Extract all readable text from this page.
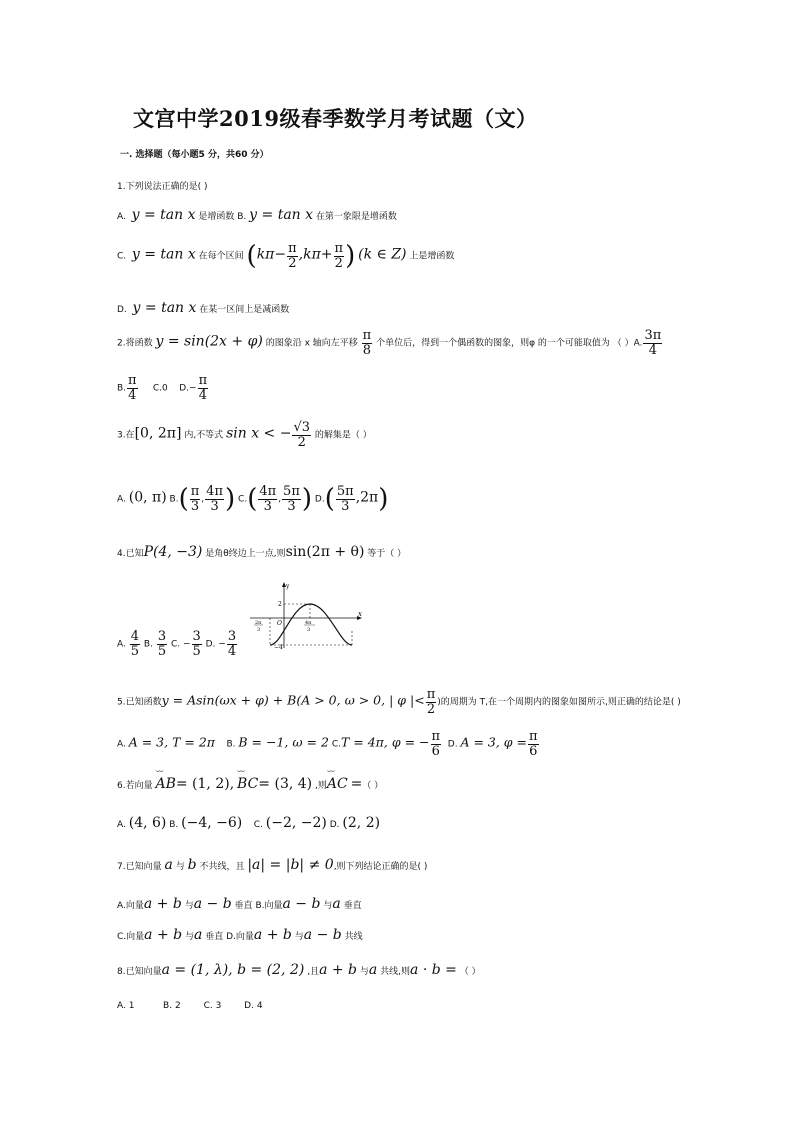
文宫中学2019级春季数学月考试题（文）
一. 选择题（每小题5 分，共60 分）
1.下列说法正确的是( )
A. y = tan x 是增函数 B. y = tan x 在第一象限是增函数
C. y = tan x 在每个区间 ($k\pi- \frac{\pi}{2} ,k\pi+ \frac{\pi}{2}$ ) (k ∈ Z) 上是增函数
D. y = tan x 在某一区间上是减函数
2.将函数 y = sin(2x + φ) 的图象沿 x 轴向左平移 $\frac{\pi}{8}$ 个单位后，得到一个偶函数的图象，则φ 的一个可能取值为 （ ）A. $\frac{3\pi}{4}$
B. $\frac{\pi}{4} C.0$ $D.- \frac{\pi}{4}$
3.在[0, 2π] 内,不等式 sin x < − $\frac{√3}{2}$ 的解集是（ ）
A. (0, π) $B.( \frac{\pi}{3}$ , $\frac{4\pi}{3}$ ) $C.( \frac{4\pi}{3}$ , $\frac{5\pi}{3}$ ) $D.( \frac{5\pi}{3} ,2\pi)$
4.已知P(4, −3) 是角θ终边上一点,则sin(2π + θ) 等于（ ）
A. $\frac{4}{5} B$. $\frac{3}{5} C$. − $\frac{3}{5} D$. − $\frac{3}{4}$
y
x
O
2
−4
2π
3
4π
3
5.已知函数y = Asin(ωx + φ) + B(A > 0, ω > 0, | φ |< $\frac{\pi}{2}$ )的周期为 T,在一个周期内的图象如图所示,则正确的结论是( )
A. A = 3, T = 2π B. B = −1, ω = 2 C.T = 4π, φ = − $\frac{\pi}{6} D$. A = 3, $\varphi = \frac{\pi}{6}$
6.若向量 ⌣⌣ AB= (1, 2), ⌣⌣ BC= (3, 4) ,则⌣⌣ AC =（ ）
A. (4, 6) B. (−4, −6) C. (−2, −2) D. (2, 2)
7.已知向量 a 与 b 不共线，且 |a| = |b| ≠ 0,则下列结论正确的是( )
A.向量a + b 与a − b 垂直 B.向量a − b 与a 垂直
C.向量a + b 与a 垂直 D.向量a + b 与a − b 共线
8.已知向量a = (1, λ), b = (2, 2) ,且a + b 与a 共线,则a · b = （ ）
A. 1          B. 2        C. 3        D. 4
